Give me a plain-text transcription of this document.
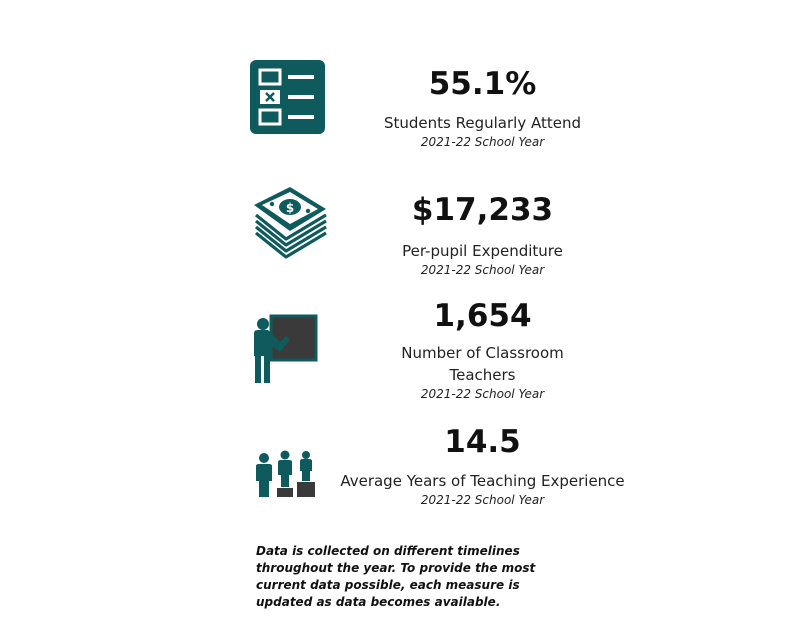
55.1%
Students Regularly Attend
2021-22 School Year
$	$17,233
Per-pupil Expenditure
2021-22 School Year
1,654
Number of Classroom Teachers
2021-22 School Year
14.5
Average Years of Teaching Experience
2021-22 School Year
Data is collected on different timelines throughout the year. To provide the most current data possible, each measure is updated as data becomes available.
